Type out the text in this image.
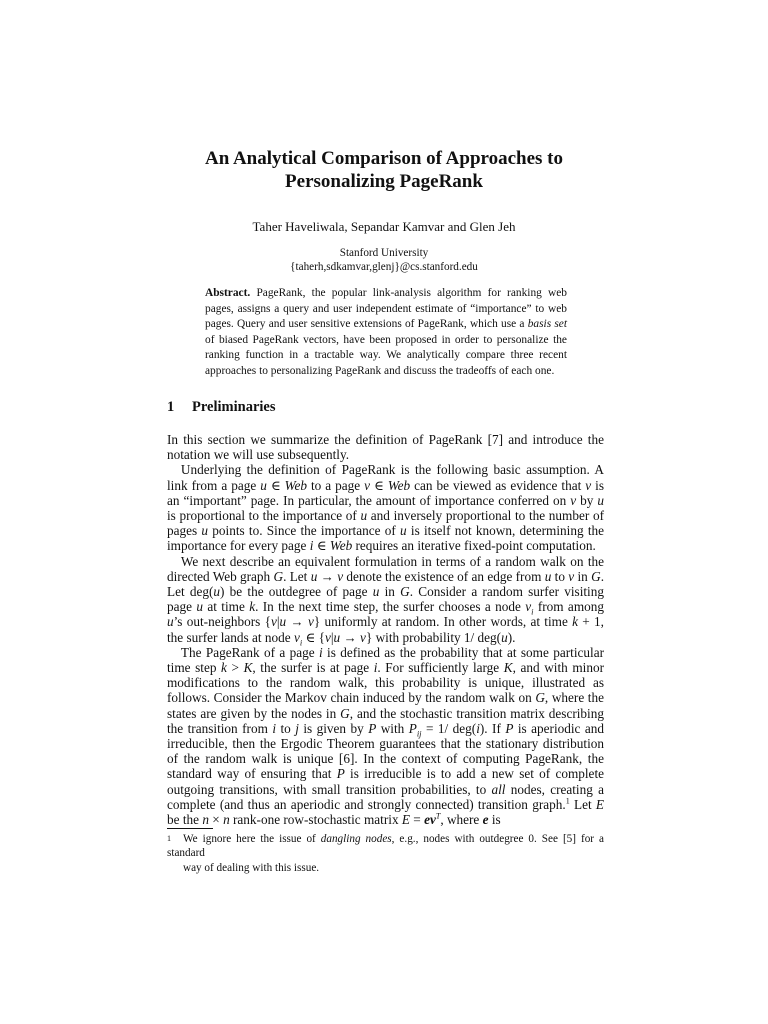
An Analytical Comparison of Approaches to
Personalizing PageRank
Taher Haveliwala, Sepandar Kamvar and Glen Jeh
Stanford University
{taherh,sdkamvar,glenj}@cs.stanford.edu
Abstract. PageRank, the popular link-analysis algorithm for ranking web pages, assigns a query and user independent estimate of “importance” to web pages. Query and user sensitive extensions of PageRank, which use a basis set of biased PageRank vectors, have been proposed in order to personalize the ranking function in a tractable way. We analytically compare three recent approaches to personalizing PageRank and discuss the tradeoffs of each one.
1 Preliminaries

In this section we summarize the definition of PageRank [7] and introduce the notation we will use subsequently.

Underlying the definition of PageRank is the following basic assumption. A link from a page u ∈ Web to a page v ∈ Web can be viewed as evidence that v is an “important” page. In particular, the amount of importance conferred on v by u is proportional to the importance of u and inversely proportional to the number of pages u points to. Since the importance of u is itself not known, determining the importance for every page i ∈ Web requires an iterative fixed-point computation.

We next describe an equivalent formulation in terms of a random walk on the directed Web graph G. Let u → v denote the existence of an edge from u to v in G. Let deg(u) be the outdegree of page u in G. Consider a random surfer visiting page u at time k. In the next time step, the surfer chooses a node $v_i$ from among u’s out-neighbors {v|u → v} uniformly at random. In other words, at time k + 1, the surfer lands at node $v_i$ ∈ {v|u → v} with probability 1/ deg(u).

The PageRank of a page i is defined as the probability that at some particular time step k > K, the surfer is at page i. For sufficiently large K, and with minor modifications to the random walk, this probability is unique, illustrated as follows. Consider the Markov chain induced by the random walk on G, where the states are given by the nodes in G, and the stochastic transition matrix describing the transition from i to j is given by P with $P_{ij} = 1/$ deg(i). If P is aperiodic and irreducible, then the Ergodic Theorem guarantees that the stationary distribution of the random walk is unique [6]. In the context of computing PageRank, the standard way of ensuring that P is irreducible is to add a new set of complete outgoing transitions, with small transition probabilities, to all nodes, creating a complete (and thus an aperiodic and strongly connected) transition graph.$^1$ Let E be the n × n rank-one row-stochastic matrix $E = ev^T$, where e is

1 We ignore here the issue of dangling nodes, e.g., nodes with outdegree 0. See [5] for a standard
way of dealing with this issue.
